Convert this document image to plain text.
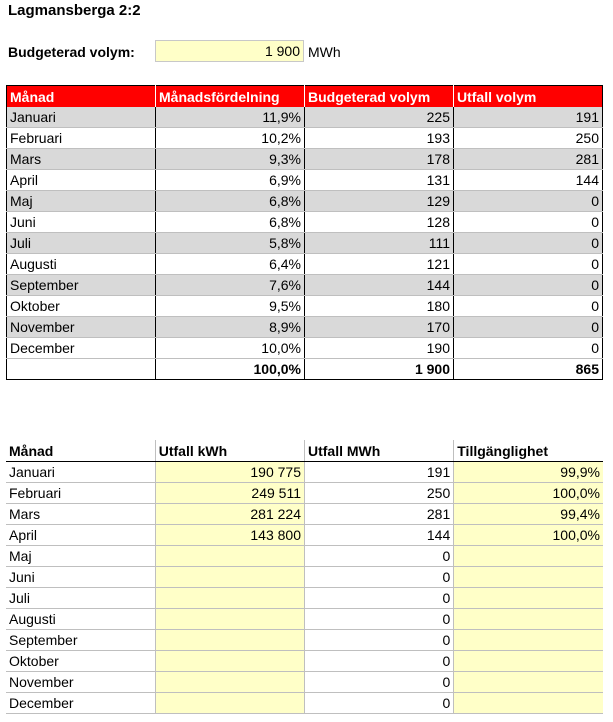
Lagmansberga 2:2
Budgeterad volym:	1 900 MWh
Månad	Månadsfördelning	Budgeterad volym	Utfall volym
Januari	11,9%	225	191
Februari	10,2%	193	250
Mars	9,3%	178	281
April	6,9%	131	144
Maj	6,8%	129	0
Juni	6,8%	128	0
Juli	5,8%	111	0
Augusti	6,4%	121	0
September	7,6%	144	0
Oktober	9,5%	180	0
November	8,9%	170	0
December	10,0%	190	0
	100,0%	1 900	865
Månad	Utfall kWh	Utfall MWh	Tillgänglighet
Januari	190 775	191	99,9%
Februari	249 511	250	100,0%
Mars	281 224	281	99,4%
April	143 800	144	100,0%
Maj		0	
Juni		0	
Juli		0	
Augusti		0	
September		0	
Oktober		0	
November		0	
December		0	
